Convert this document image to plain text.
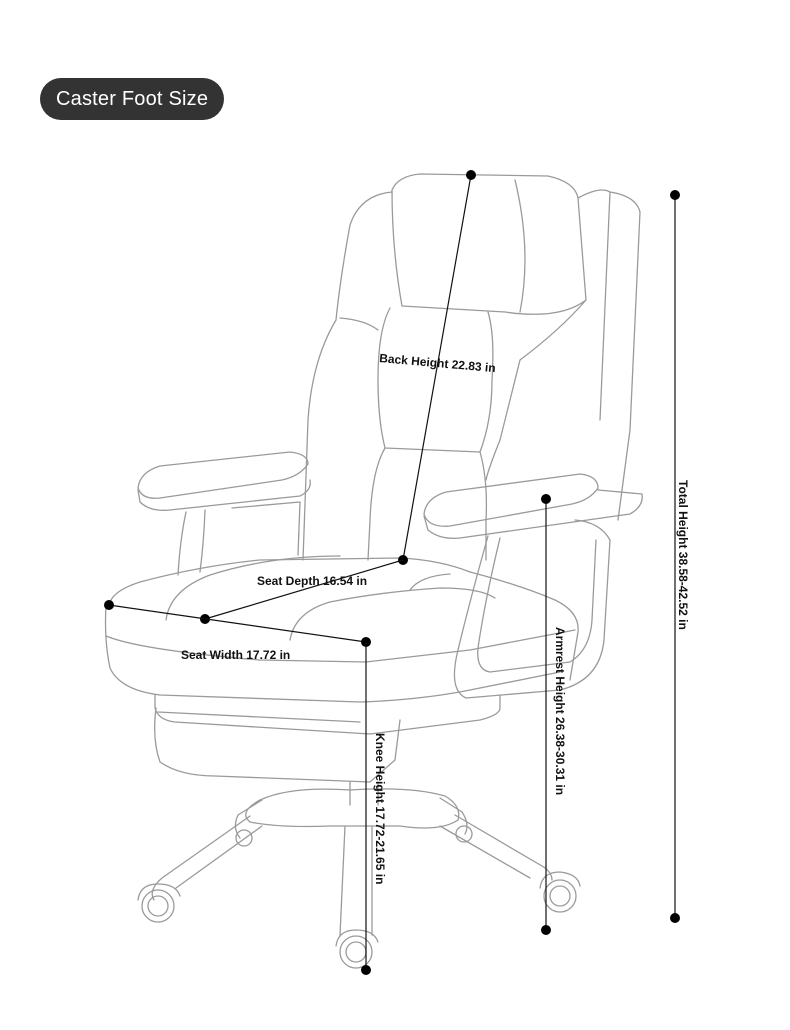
Caster Foot Size
Back Height 22.83 in
Seat Depth 16.54 in
Seat Width 17.72 in
Knee Height 17.72-21.65 in
Armrest Height 26.38-30.31 in
Total Height 38.58-42.52 in
